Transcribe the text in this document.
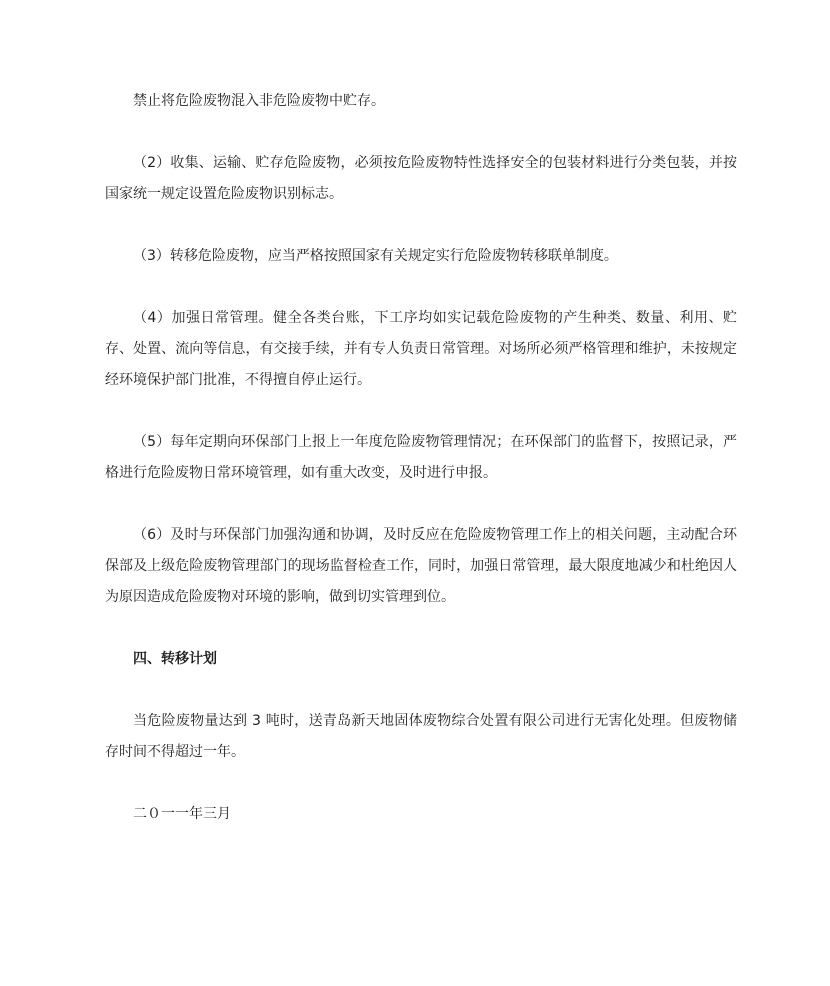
禁止将危险废物混入非危险废物中贮存。

（2）收集、运输、贮存危险废物，必须按危险废物特性选择安全的包装材料进行分类包装，并按国家统一规定设置危险废物识别标志。

（3）转移危险废物，应当严格按照国家有关规定实行危险废物转移联单制度。

（4）加强日常管理。健全各类台账，下工序均如实记载危险废物的产生种类、数量、利用、贮存、处置、流向等信息，有交接手续，并有专人负责日常管理。对场所必须严格管理和维护，未按规定经环境保护部门批准，不得擅自停止运行。

（5）每年定期向环保部门上报上一年度危险废物管理情况；在环保部门的监督下，按照记录，严格进行危险废物日常环境管理，如有重大改变，及时进行申报。

（6）及时与环保部门加强沟通和协调，及时反应在危险废物管理工作上的相关问题，主动配合环保部及上级危险废物管理部门的现场监督检查工作，同时，加强日常管理，最大限度地减少和杜绝因人为原因造成危险废物对环境的影响，做到切实管理到位。

四、转移计划

当危险废物量达到 3 吨时，送青岛新天地固体废物综合处置有限公司进行无害化处理。但废物储存时间不得超过一年。

二０一一年三月
